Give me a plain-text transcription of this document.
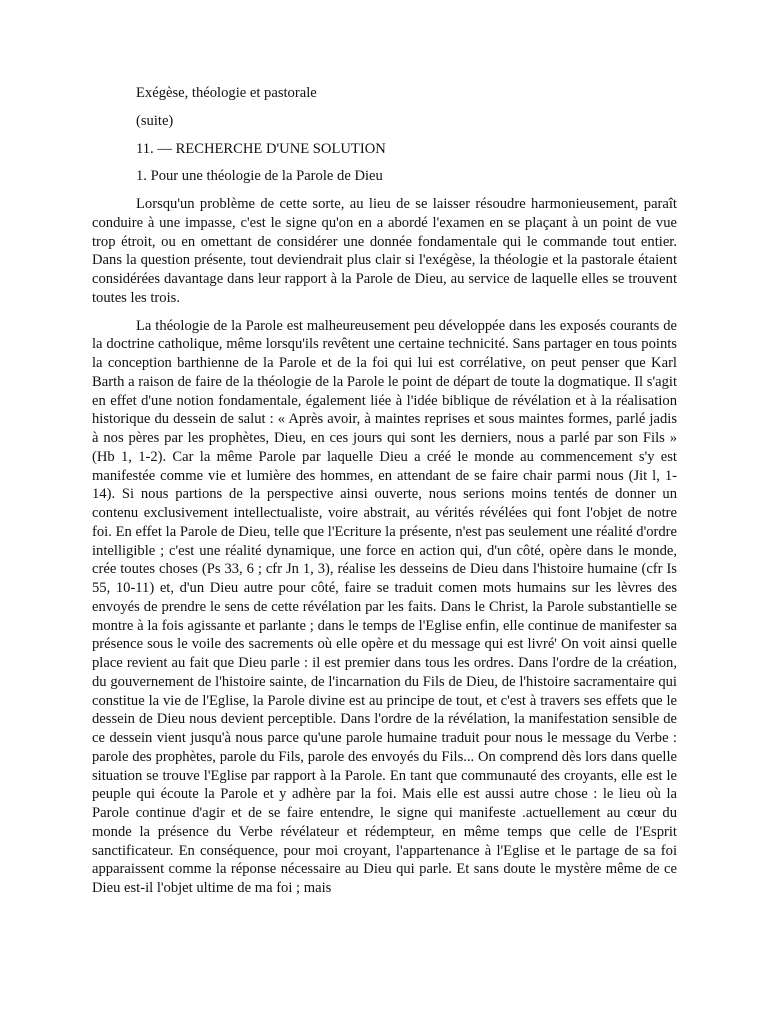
Exégèse, théologie et pastorale

(suite)

11. — RECHERCHE D'UNE SOLUTION

1. Pour une théologie de la Parole de Dieu

Lorsqu'un problème de cette sorte, au lieu de se laisser résoudre harmonieusement, paraît conduire à une impasse, c'est le signe qu'on en a abordé l'examen en se plaçant à un point de vue trop étroit, ou en omettant de considérer une donnée fondamentale qui le commande tout entier. Dans la question présente, tout deviendrait plus clair si l'exégèse, la théologie et la pastorale étaient considérées davantage dans leur rapport à la Parole de Dieu, au service de laquelle elles se trouvent toutes les trois.

La théologie de la Parole est malheureusement peu développée dans les exposés courants de la doctrine catholique, même lorsqu'ils revêtent une certaine technicité. Sans partager en tous points la conception barthienne de la Parole et de la foi qui lui est corrélative, on peut penser que Karl Barth a raison de faire de la théologie de la Parole le point de départ de toute la dogmatique. Il s'agit en effet d'une notion fondamentale, également liée à l'idée biblique de révélation et à la réalisation historique du dessein de salut : « Après avoir, à maintes reprises et sous maintes formes, parlé jadis à nos pères par les prophètes, Dieu, en ces jours qui sont les derniers, nous a parlé par son Fils » (Hb 1, 1-2). Car la même Parole par laquelle Dieu a créé le monde au commencement s'y est manifestée comme vie et lumière des hommes, en attendant de se faire chair parmi nous (Jit l, 1-14). Si nous partions de la perspective ainsi ouverte, nous serions moins tentés de donner un contenu exclusivement intellectualiste, voire abstrait, au vérités révélées qui font l'objet de notre foi. En effet la Parole de Dieu, telle que l'Ecriture la présente, n'est pas seulement une réalité d'ordre intelligible ; c'est une réalité dynamique, une force en action qui, d'un côté, opère dans le monde, crée toutes choses (Ps 33, 6 ; cfr Jn 1, 3), réalise les desseins de Dieu dans l'histoire humaine (cfr Is 55, 10-11) et, d'un Dieu autre pour côté, faire se traduit comen mots humains sur les lèvres des envoyés de prendre le sens de cette révélation par les faits. Dans le Christ, la Parole substantielle se montre à la fois agissante et parlante ; dans le temps de l'Eglise enfin, elle continue de manifester sa présence sous le voile des sacrements où elle opère et du message qui est livré' On voit ainsi quelle place revient au fait que Dieu parle : il est premier dans tous les ordres. Dans l'ordre de la création, du gouvernement de l'histoire sainte, de l'incarnation du Fils de Dieu, de l'histoire sacramentaire qui constitue la vie de l'Eglise, la Parole divine est au principe de tout, et c'est à travers ses effets que le dessein de Dieu nous devient perceptible. Dans l'ordre de la révélation, la manifestation sensible de ce dessein vient jusqu'à nous parce qu'une parole humaine traduit pour nous le message du Verbe : parole des prophètes, parole du Fils, parole des envoyés du Fils... On comprend dès lors dans quelle situation se trouve l'Eglise par rapport à la Parole. En tant que communauté des croyants, elle est le peuple qui écoute la Parole et y adhère par la foi. Mais elle est aussi autre chose : le lieu où la Parole continue d'agir et de se faire entendre, le signe qui manifeste .actuellement au cœur du monde la présence du Verbe révélateur et rédempteur, en même temps que celle de l'Esprit sanctificateur. En conséquence, pour moi croyant, l'appartenance à l'Eglise et le partage de sa foi apparaissent comme la réponse nécessaire au Dieu qui parle. Et sans doute le mystère même de ce Dieu est-il l'objet ultime de ma foi ; mais
